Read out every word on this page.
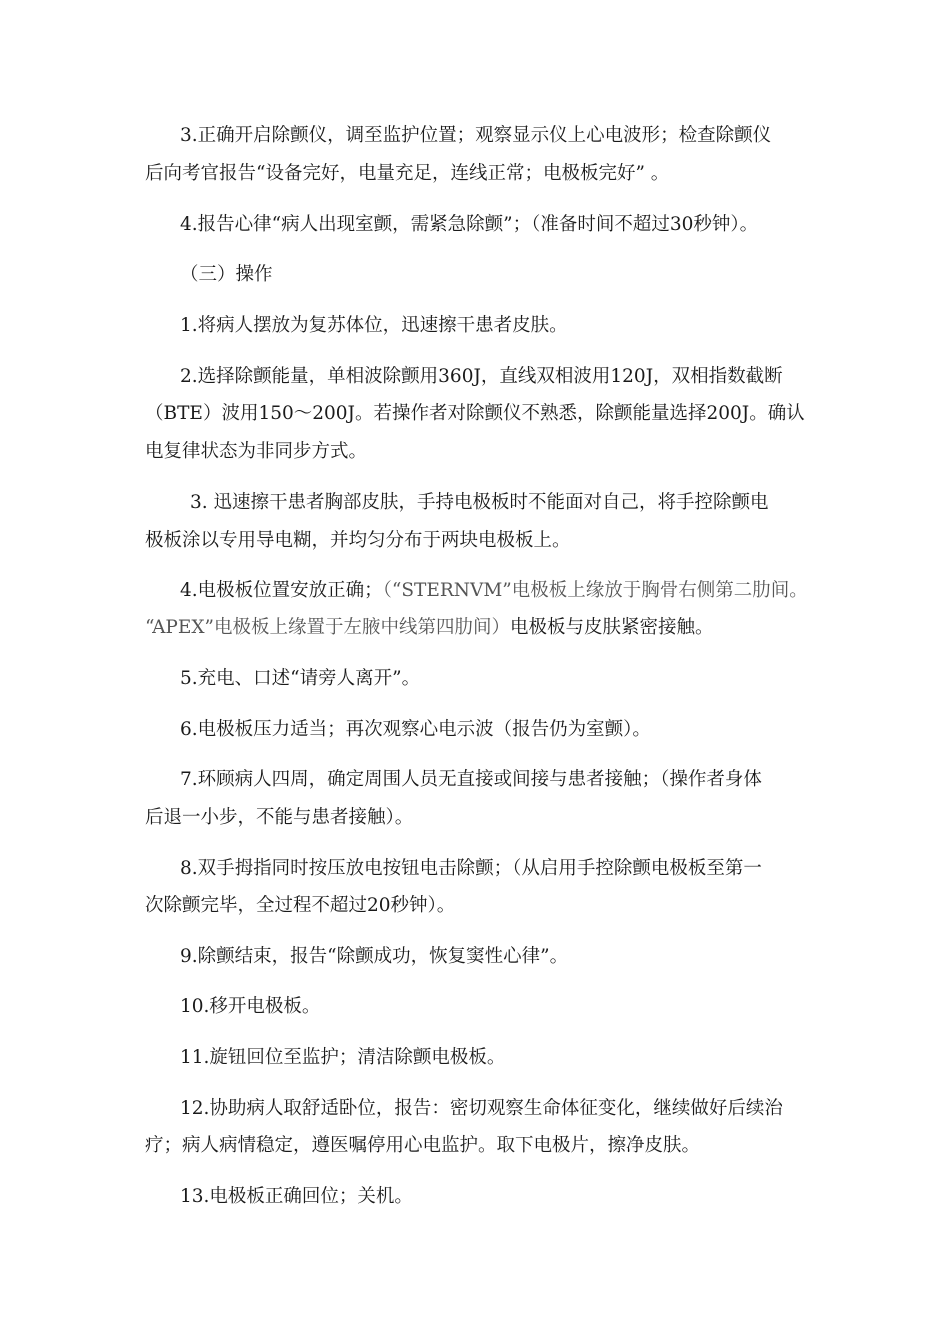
3.正确开启除颤仪，调至监护位置；观察显示仪上心电波形；检查除颤仪

后向考官报告“设备完好，电量充足，连线正常；电极板完好” 。

4.报告心律“病人出现室颤，需紧急除颤”；（准备时间不超过30秒钟）。

（三）操作

1.将病人摆放为复苏体位，迅速擦干患者皮肤。

2.选择除颤能量，单相波除颤用360J，直线双相波用120J，双相指数截断

（BTE）波用150～200J。若操作者对除颤仪不熟悉，除颤能量选择200J。确认

电复律状态为非同步方式。

3. 迅速擦干患者胸部皮肤，手持电极板时不能面对自己，将手控除颤电

极板涂以专用导电糊，并均匀分布于两块电极板上。

4.电极板位置安放正确；（“STERNVM”电极板上缘放于胸骨右侧第二肋间。

“APEX”电极板上缘置于左腋中线第四肋间）电极板与皮肤紧密接触。

5.充电、口述“请旁人离开”。

6.电极板压力适当；再次观察心电示波（报告仍为室颤）。

7.环顾病人四周，确定周围人员无直接或间接与患者接触；（操作者身体

后退一小步，不能与患者接触）。

8.双手拇指同时按压放电按钮电击除颤；（从启用手控除颤电极板至第一

次除颤完毕，全过程不超过20秒钟）。

9.除颤结束，报告“除颤成功，恢复窦性心律”。

10.移开电极板。

11.旋钮回位至监护；清洁除颤电极板。

12.协助病人取舒适卧位，报告：密切观察生命体征变化，继续做好后续治

疗；病人病情稳定，遵医嘱停用心电监护。取下电极片，擦净皮肤。

13.电极板正确回位；关机。
